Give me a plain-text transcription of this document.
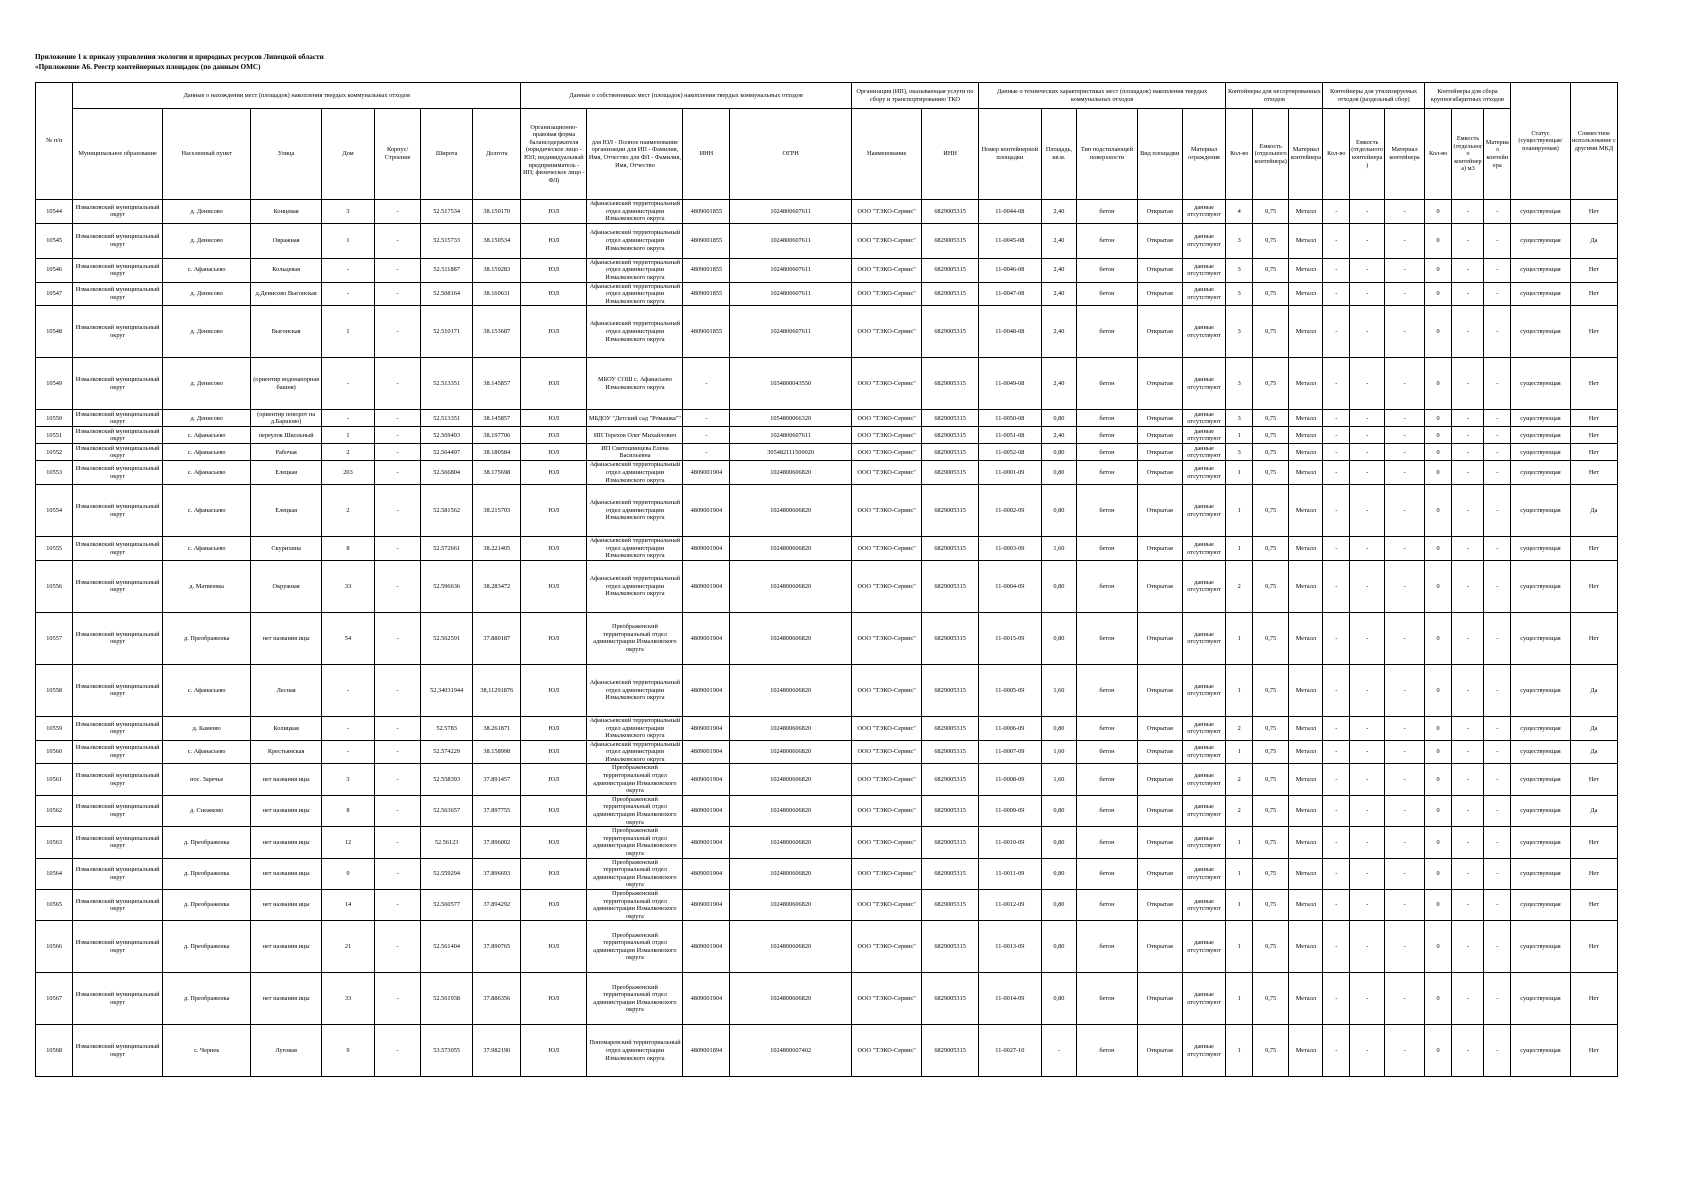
Приложение 1 к приказу управления экологии и природных ресурсов Липецкой области
«Приложение А6. Реестр контейнерных площадок (по данным ОМС)
№ п/п	Данные о нахождении мест (площадок) накопления твердых коммунальных отходов							Данные о собственниках мест (площадок) накопления твердых коммунальных отходов				Организация (ИП), оказывающая услуги по сбору и транспортированию ТКО		Данные о технических характеристиках мест (площадок) накопления твердых коммунальных отходов					Контейнеры для несортированных отходов			Контейнеры для утилизируемых отходов (раздельный сбор)			Контейнеры для сбора крупногабаритных отходов			Статус (существующая/ планируемая)	Совместное использование с другими МКД
	Муниципальное образование	Населенный пункт	Улица	Дом	Корпус/Строение	Широта	Долгота	Организационно-правовая форма балансодержателя (юридическое лицо - ЮЛ; индивидуальный предприниматель - ИП; физическое лицо - ФЛ)	для ЮЛ - Полное наименование организации для ИП - Фамилия, Имя, Отчество для ФЛ - Фамилия, Имя, Отчество	ИНН	ОГРН	Наименование	ИНН	Номер контейнерной площадки	Площадь, кв.м.	Тип подстилающей поверхности	Вид площадки	Материал ограждения	Кол-во	Емкость (отдельного контейнера)	Материал контейнера	Кол-во	Емкость (отдельного контейнера)	Материал контейнера	Кол-во	Емкость (отдельного контейнера) м3	Материал контейнера		
10544	Измалковский муниципальный округ	д. Денисово	Концевая	3	-	52.517534	38.150170	ЮЛ	Афанасьевский территориальный отдел администрации Измалковского округа	4809001855	1024800607611	ООО "ТЭКО-Сервис"	6829005315	11-0044-08	2,40	бетон	Открытая	данные отсутствуют	4	0,75	Металл	-	-	-	0	-	-	существующая	Нет
10545	Измалковский муниципальный округ	д. Денисово	Овражная	1	-	52.515733	38.150534	ЮЛ	Афанасьевский территориальный отдел администрации Измалковского округа	4809001855	1024800607611	ООО "ТЭКО-Сервис"	6829005315	11-0045-08	2,40	бетон	Открытая	данные отсутствуют	3	0,75	Металл	-	-	-	0	-	-	существующая	Да
10546	Измалковский муниципальный округ	с. Афанасьево	Кольцевая	-	-	52.511887	38.159283	ЮЛ	Афанасьевский территориальный отдел администрации Измалковского округа	4809001855	1024800607611	ООО "ТЭКО-Сервис"	6829005315	11-0046-08	2,40	бетон	Открытая	данные отсутствуют	3	0,75	Металл	-	-	-	0	-	-	существующая	Нет
10547	Измалковский муниципальный округ	д. Денисово	д.Денисово Выгонская	-	-	52.508164	38.160631	ЮЛ	Афанасьевский территориальный отдел администрации Измалковского округа	4809001855	1024800607611	ООО "ТЭКО-Сервис"	6829005315	11-0047-08	2,40	бетон	Открытая	данные отсутствуют	3	0,75	Металл	-	-	-	0	-	-	существующая	Нет
10548	Измалковский муниципальный округ	д. Денисово	Выгонская	1	-	52.510171	38.153687	ЮЛ	Афанасьевский территориальный отдел администрации Измалковского округа	4809001855	1024800607611	ООО "ТЭКО-Сервис"	6829005315	11-0048-08	2,40	бетон	Открытая	данные отсутствуют	3	0,75	Металл	-	-	-	0	-	-	существующая	Нет
10549	Измалковский муниципальный округ	д. Денисово	(ориентир водонапорная башня)	-	-	52.513351	38.145857	ЮЛ	МБОУ СОШ с. Афанасьево Измалковского округа	-	1034800043550	ООО "ТЭКО-Сервис"	6829005315	11-0049-08	2,40	бетон	Открытая	данные отсутствуют	3	0,75	Металл	-	-	-	0	-	-	существующая	Нет
10550	Измалковский муниципальный округ	д. Денисово	(ориентир поворот на д.Баршово)	-	-	52.513351	38.145857	ЮЛ	МБДОУ "Детский сад "Ромашка""	-	1054800066320	ООО "ТЭКО-Сервис"	6829005315	11-0050-08	0,80	бетон	Открытая	данные отсутствуют	3	0,75	Металл	-	-	-	0	-	-	существующая	Нет
10551	Измалковский муниципальный округ	с. Афанасьево	переулок Школьный	1	-	52.569493	38.197706	ЮЛ	ИП Терехов Олег Михайлович	-	1024800607611	ООО "ТЭКО-Сервис"	6829005315	11-0051-08	2,40	бетон	Открытая	данные отсутствуют	1	0,75	Металл	-	-	-	0	-	-	существующая	Нет
10552	Измалковский муниципальный округ	с. Афанасьево	Рабочая	2	-	52.564497	38.180584	ЮЛ	ИП Святошинцева Елена Васильевна	-	305482111500020	ООО "ТЭКО-Сервис"	6829005315	11-0052-08	0,80	бетон	Открытая	данные отсутствуют	3	0,75	Металл	-	-	-	0	-	-	существующая	Нет
10553	Измалковский муниципальный округ	с. Афанасьево	Елецкая	203	-	52.566804	38.175698	ЮЛ	Афанасьевский территориальный отдел администрации Измалковского округа	4809001904	1024800606820	ООО "ТЭКО-Сервис"	6829005315	11-0001-09	0,80	бетон	Открытая	данные отсутствуют	1	0,75	Металл	-	-	-	0	-	-	существующая	Нет
10554	Измалковский муниципальный округ	с. Афанасьево	Елецкая	2	-	52.581562	38.215703	ЮЛ	Афанасьевский территориальный отдел администрации Измалковского округа	4809001904	1024800606820	ООО "ТЭКО-Сервис"	6829005315	11-0002-09	0,80	бетон	Открытая	данные отсутствуют	1	0,75	Металл	-	-	-	0	-	-	существующая	Да
10555	Измалковский муниципальный округ	с. Афанасьево	Скурихина	8	-	52.572661	38.221405	ЮЛ	Афанасьевский территориальный отдел администрации Измалковского округа	4809001904	1024800606820	ООО "ТЭКО-Сервис"	6829005315	11-0003-09	1,60	бетон	Открытая	данные отсутствуют	1	0,75	Металл	-	-	-	0	-	-	существующая	Нет
10556	Измалковский муниципальный округ	д. Матвеевка	Окружная	33	-	52.596636	38.283472	ЮЛ	Афанасьевский территориальный отдел администрации Измалковского округа	4809001904	1024800606820	ООО "ТЭКО-Сервис"	6829005315	11-0004-09	0,80	бетон	Открытая	данные отсутствуют	2	0,75	Металл	-	-	-	0	-	-	существующая	Нет
10557	Измалковский муниципальный округ	д. Преображенка	нет названия ицы	54	-	52.562591	37.880187	ЮЛ	Преображенский территориальный отдел администрации Измалковского округа	4809001904	1024800606820	ООО "ТЭКО-Сервис"	6829005315	11-0015-09	0,80	бетон	Открытая	данные отсутствуют	1	0,75	Металл	-	-	-	0	-	-	существующая	Нет
10558	Измалковский муниципальный округ	с. Афанасьево	Лесная	-	-	52,34031944	38,11291876	ЮЛ	Афанасьевский территориальный отдел администрации Измалковского округа	4809001904	1024800606820	ООО "ТЭКО-Сервис"	6829005315	11-0005-09	1,60	бетон	Открытая	данные отсутствуют	1	0,75	Металл	-	-	-	0	-	-	существующая	Да
10559	Измалковский муниципальный округ	д. Каменю	Колицкая	-	-	52.5783	38.261871	ЮЛ	Афанасьевский территориальный отдел администрации Измалковского округа	4809001904	1024800606820	ООО "ТЭКО-Сервис"	6829005315	11-0006-09	0,80	бетон	Открытая	данные отсутствуют	2	0,75	Металл	-	-	-	0	-	-	существующая	Да
10560	Измалковский муниципальный округ	с. Афанасьево	Крестьянская	-	-	52.574229	38.158998	ЮЛ	Афанасьевский территориальный отдел администрации Измалковского округа	4809001904	1024800606820	ООО "ТЭКО-Сервис"	6829005315	11-0007-09	1,60	бетон	Открытая	данные отсутствуют	1	0,75	Металл	-	-	-	0	-	-	существующая	Да
10561	Измалковский муниципальный округ	пос. Заречье	нет названия ицы	3	-	52.558393	37.891457	ЮЛ	Преображенский территориальный отдел администрации Измалковского округа	4809001904	1024800606820	ООО "ТЭКО-Сервис"	6829005315	11-0008-09	1,60	бетон	Открытая	данные отсутствуют	2	0,75	Металл	-	-	-	0	-	-	существующая	Нет
10562	Измалковский муниципальный округ	д. Снежково	нет названия ицы	8	-	52.563657	37.897755	ЮЛ	Преображенский территориальный отдел администрации Измалковского округа	4809001904	1024800606820	ООО "ТЭКО-Сервис"	6829005315	11-0009-09	0,80	бетон	Открытая	данные отсутствуют	2	0,75	Металл	-	-	-	0	-	-	существующая	Да
10563	Измалковский муниципальный округ	д. Преображенка	нет названия ицы	12	-	52.56123	37.896002	ЮЛ	Преображенский территориальный отдел администрации Измалковского округа	4809001904	1024800606820	ООО "ТЭКО-Сервис"	6829005315	11-0010-09	0,80	бетон	Открытая	данные отсутствуют	1	0,75	Металл	-	-	-	0	-	-	существующая	Нет
10564	Измалковский муниципальный округ	д. Преображенка	нет названия ицы	9	-	52.559294	37.896693	ЮЛ	Преображенский территориальный отдел администрации Измалковского округа	4809001904	1024800606820	ООО "ТЭКО-Сервис"	6829005315	11-0011-09	0,80	бетон	Открытая	данные отсутствуют	1	0,75	Металл	-	-	-	0	-	-	существующая	Нет
10565	Измалковский муниципальный округ	д. Преображенка	нет названия ицы	14	-	52.560577	37.894292	ЮЛ	Преображенский территориальный отдел администрации Измалковского округа	4809001904	1024800606820	ООО "ТЭКО-Сервис"	6829005315	11-0012-09	0,80	бетон	Открытая	данные отсутствуют	1	0,75	Металл	-	-	-	0	-	-	существующая	Нет
10566	Измалковский муниципальный округ	д. Преображенка	нет названия ицы	21	-	52.561404	37.890765	ЮЛ	Преображенский территориальный отдел администрации Измалковского округа	4809001904	1024800606820	ООО "ТЭКО-Сервис"	6829005315	11-0013-09	0,80	бетон	Открытая	данные отсутствуют	1	0,75	Металл	-	-	-	0	-	-	существующая	Нет
10567	Измалковский муниципальный округ	д. Преображенка	нет названия ицы	33	-	52.561938	37.886356	ЮЛ	Преображенский территориальный отдел администрации Измалковского округа	4809001904	1024800606820	ООО "ТЭКО-Сервис"	6829005315	11-0014-09	0,80	бетон	Открытая	данные отсутствуют	1	0,75	Металл	-	-	-	0	-	-	существующая	Нет
10568	Измалковский муниципальный округ	с. Чернек	Луговая	9	-	53.573055	37.982190	ЮЛ	Пономаревский территориальный отдел администрации Измалковского округа	4809001894	1024800607402	ООО "ТЭКО-Сервис"	6829005315	11-0027-10	-	бетон	Открытая	данные отсутствуют	1	0,75	Металл	-	-	-	0	-	-	существующая	Нет
